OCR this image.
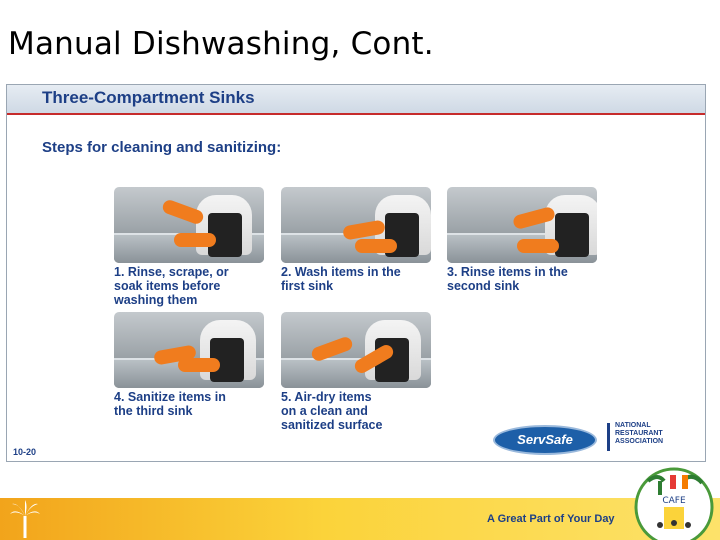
Manual Dishwashing, Cont.
Three-Compartment Sinks
Steps for cleaning and sanitizing:
1. Rinse, scrape, or
soak items before
washing them
2. Wash items in the
first sink
3. Rinse items in the
second sink
4. Sanitize items in
the third sink
5. Air-dry items
on a clean and
sanitized surface
10-20
ServSafe
NATIONAL
RESTAURANT
ASSOCIATION
A Great Part of Your Day
CAFE
